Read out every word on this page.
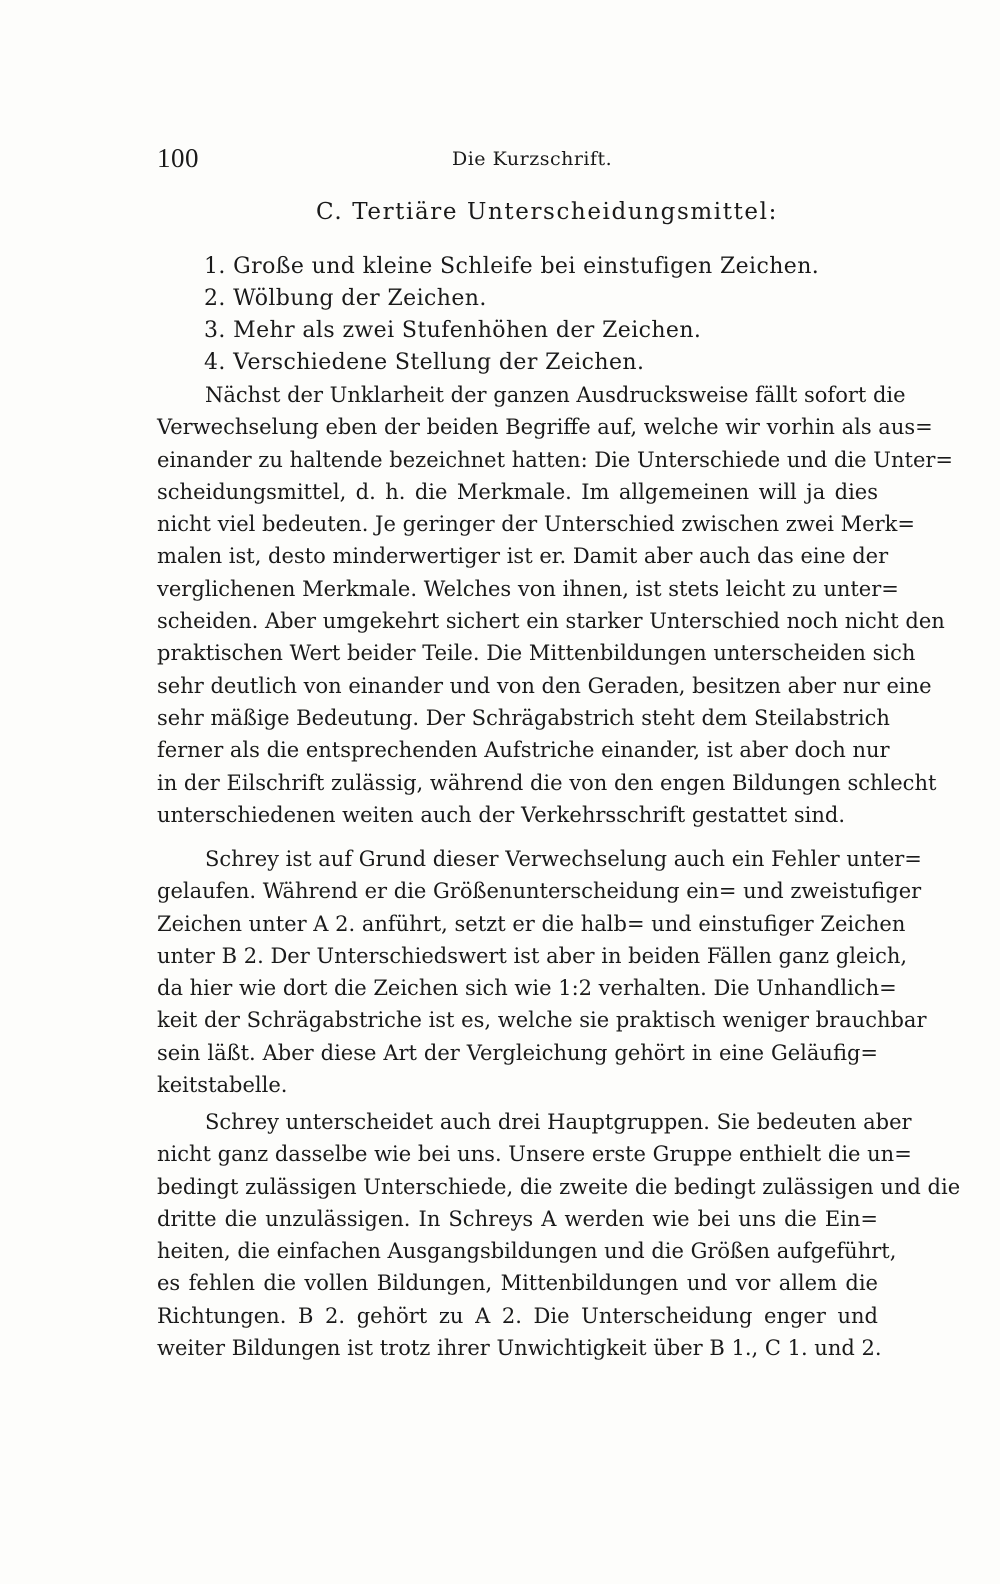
100	Die Kurzschrift.
C. Tertiäre Unterscheidungsmittel:
1. Große und kleine Schleife bei einstufigen Zeichen.
2. Wölbung der Zeichen.
3. Mehr als zwei Stufenhöhen der Zeichen.
4. Verschiedene Stellung der Zeichen.
Nächst der Unklarheit der ganzen Ausdrucksweise fällt sofort die
Verwechselung eben der beiden Begriffe auf, welche wir vorhin als aus=
einander zu haltende bezeichnet hatten: Die Unterschiede und die Unter=
scheidungsmittel, d. h. die Merkmale. Im allgemeinen will ja dies
nicht viel bedeuten. Je geringer der Unterschied zwischen zwei Merk=
malen ist, desto minderwertiger ist er. Damit aber auch das eine der
verglichenen Merkmale. Welches von ihnen, ist stets leicht zu unter=
scheiden. Aber umgekehrt sichert ein starker Unterschied noch nicht den
praktischen Wert beider Teile. Die Mittenbildungen unterscheiden sich
sehr deutlich von einander und von den Geraden, besitzen aber nur eine
sehr mäßige Bedeutung. Der Schrägabstrich steht dem Steilabstrich
ferner als die entsprechenden Aufstriche einander, ist aber doch nur
in der Eilschrift zulässig, während die von den engen Bildungen schlecht
unterschiedenen weiten auch der Verkehrsschrift gestattet sind.
Schrey ist auf Grund dieser Verwechselung auch ein Fehler unter=
gelaufen. Während er die Größenunterscheidung ein= und zweistufiger
Zeichen unter A 2. anführt, setzt er die halb= und einstufiger Zeichen
unter B 2. Der Unterschiedswert ist aber in beiden Fällen ganz gleich,
da hier wie dort die Zeichen sich wie 1:2 verhalten. Die Unhandlich=
keit der Schrägabstriche ist es, welche sie praktisch weniger brauchbar
sein läßt. Aber diese Art der Vergleichung gehört in eine Geläufig=
keitstabelle.
Schrey unterscheidet auch drei Hauptgruppen. Sie bedeuten aber
nicht ganz dasselbe wie bei uns. Unsere erste Gruppe enthielt die un=
bedingt zulässigen Unterschiede, die zweite die bedingt zulässigen und die
dritte die unzulässigen. In Schreys A werden wie bei uns die Ein=
heiten, die einfachen Ausgangsbildungen und die Größen aufgeführt,
es fehlen die vollen Bildungen, Mittenbildungen und vor allem die
Richtungen. B 2. gehört zu A 2. Die Unterscheidung enger und
weiter Bildungen ist trotz ihrer Unwichtigkeit über B 1., C 1. und 2.
